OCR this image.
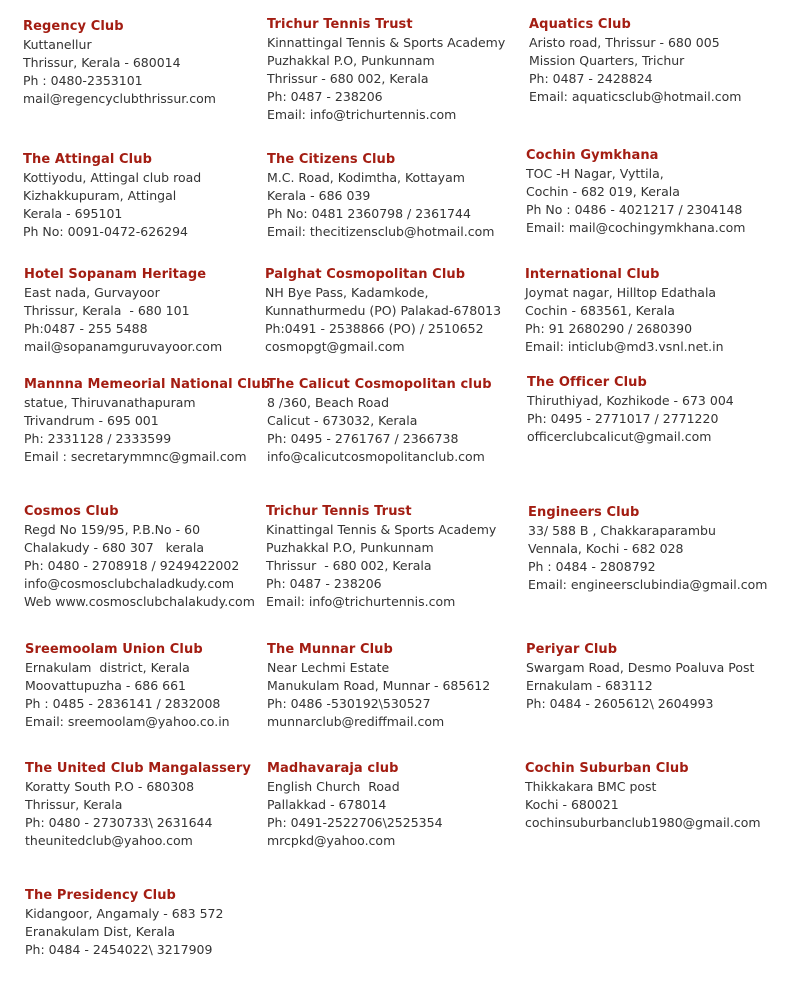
Regency Club
Kuttanellur
Thrissur, Kerala - 680014
Ph : 0480-2353101
mail@regencyclubthrissur.com
Trichur Tennis Trust
Kinnattingal Tennis & Sports Academy
Puzhakkal P.O, Punkunnam
Thrissur - 680 002, Kerala
Ph: 0487 - 238206
Email: info@trichurtennis.com
Aquatics Club
Aristo road, Thrissur - 680 005
Mission Quarters, Trichur
Ph: 0487 - 2428824
Email: aquaticsclub@hotmail.com
The Attingal Club
Kottiyodu, Attingal club road
Kizhakkupuram, Attingal
Kerala - 695101
Ph No: 0091-0472-626294
The Citizens Club
M.C. Road, Kodimtha, Kottayam
Kerala - 686 039
Ph No: 0481 2360798 / 2361744
Email: thecitizensclub@hotmail.com
Cochin Gymkhana
TOC -H Nagar, Vyttila,
Cochin - 682 019, Kerala
Ph No : 0486 - 4021217 / 2304148
Email: mail@cochingymkhana.com
Hotel Sopanam Heritage
East nada, Gurvayoor
Thrissur, Kerala  - 680 101
Ph:0487 - 255 5488
mail@sopanamguruvayoor.com
Palghat Cosmopolitan Club
NH Bye Pass, Kadamkode,
Kunnathurmedu (PO) Palakad-678013
Ph:0491 - 2538866 (PO) / 2510652
cosmopgt@gmail.com
International Club
Joymat nagar, Hilltop Edathala
Cochin - 683561, Kerala
Ph: 91 2680290 / 2680390
Email: inticlub@md3.vsnl.net.in
Mannna Memeorial National Club
statue, Thiruvanathapuram
Trivandrum - 695 001
Ph: 2331128 / 2333599
Email : secretarymmnc@gmail.com
The Calicut Cosmopolitan club
8 /360, Beach Road
Calicut - 673032, Kerala
Ph: 0495 - 2761767 / 2366738
info@calicutcosmopolitanclub.com
The Officer Club
Thiruthiyad, Kozhikode - 673 004
Ph: 0495 - 2771017 / 2771220
officerclubcalicut@gmail.com
Cosmos Club
Regd No 159/95, P.B.No - 60
Chalakudy - 680 307   kerala
Ph: 0480 - 2708918 / 9249422002
info@cosmosclubchaladkudy.com
Web www.cosmosclubchalakudy.com
Trichur Tennis Trust
Kinattingal Tennis & Sports Academy
Puzhakkal P.O, Punkunnam
Thrissur  - 680 002, Kerala
Ph: 0487 - 238206
Email: info@trichurtennis.com
Engineers Club
33/ 588 B , Chakkaraparambu
Vennala, Kochi - 682 028
Ph : 0484 - 2808792
Email: engineersclubindia@gmail.com
Sreemoolam Union Club
Ernakulam  district, Kerala
Moovattupuzha - 686 661
Ph : 0485 - 2836141 / 2832008
Email: sreemoolam@yahoo.co.in
The Munnar Club
Near Lechmi Estate
Manukulam Road, Munnar - 685612
Ph: 0486 -530192\530527
munnarclub@rediffmail.com
Periyar Club
Swargam Road, Desmo Poaluva Post
Ernakulam - 683112
Ph: 0484 - 2605612\ 2604993
The United Club Mangalassery
Koratty South P.O - 680308
Thrissur, Kerala
Ph: 0480 - 2730733\ 2631644
theunitedclub@yahoo.com
Madhavaraja club
English Church  Road
Pallakkad - 678014
Ph: 0491-2522706\2525354
mrcpkd@yahoo.com
Cochin Suburban Club
Thikkakara BMC post
Kochi - 680021
cochinsuburbanclub1980@gmail.com
The Presidency Club
Kidangoor, Angamaly - 683 572
Eranakulam Dist, Kerala
Ph: 0484 - 2454022\ 3217909
